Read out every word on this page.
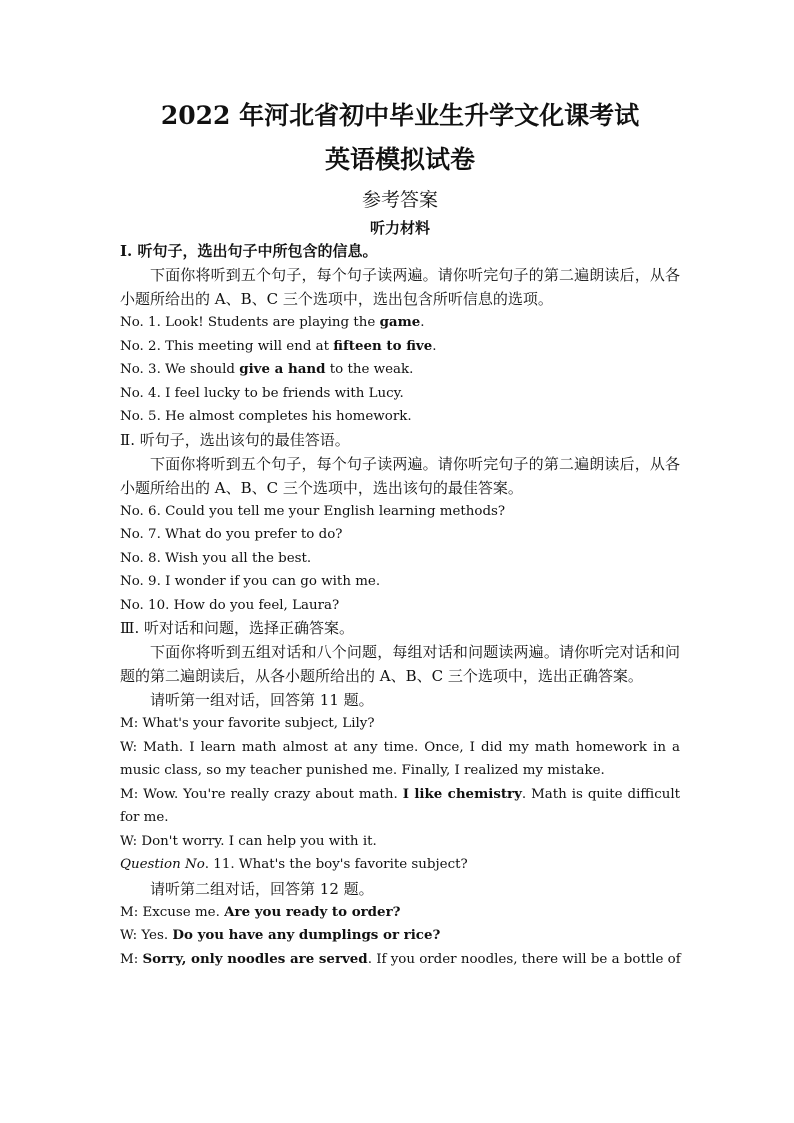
2022 年河北省初中毕业生升学文化课考试
英语模拟试卷
参考答案
听力材料

Ⅰ. 听句子，选出句子中所包含的信息。

下面你将听到五个句子，每个句子读两遍。请你听完句子的第二遍朗读后，从各小题所给出的 A、B、C 三个选项中，选出包含所听信息的选项。

No. 1. Look! Students are playing the game.

No. 2. This meeting will end at fifteen to five.

No. 3. We should give a hand to the weak.

No. 4. I feel lucky to be friends with Lucy.

No. 5. He almost completes his homework.

Ⅱ. 听句子，选出该句的最佳答语。

下面你将听到五个句子，每个句子读两遍。请你听完句子的第二遍朗读后，从各小题所给出的 A、B、C 三个选项中，选出该句的最佳答案。

No. 6. Could you tell me your English learning methods?

No. 7. What do you prefer to do?

No. 8. Wish you all the best.

No. 9. I wonder if you can go with me.

No. 10. How do you feel, Laura?

Ⅲ. 听对话和问题，选择正确答案。

下面你将听到五组对话和八个问题，每组对话和问题读两遍。请你听完对话和问题的第二遍朗读后，从各小题所给出的 A、B、C 三个选项中，选出正确答案。

请听第一组对话，回答第 11 题。

M: What's your favorite subject, Lily?

W: Math. I learn math almost at any time. Once, I did my math homework in a music class, so my teacher punished me. Finally, I realized my mistake.

M: Wow. You're really crazy about math. I like chemistry. Math is quite difficult for me.

W: Don't worry. I can help you with it.

Question No. 11. What's the boy's favorite subject?

请听第二组对话，回答第 12 题。

M: Excuse me. Are you ready to order?

W: Yes. Do you have any dumplings or rice?

M: Sorry, only noodles are served. If you order noodles, there will be a bottle of
